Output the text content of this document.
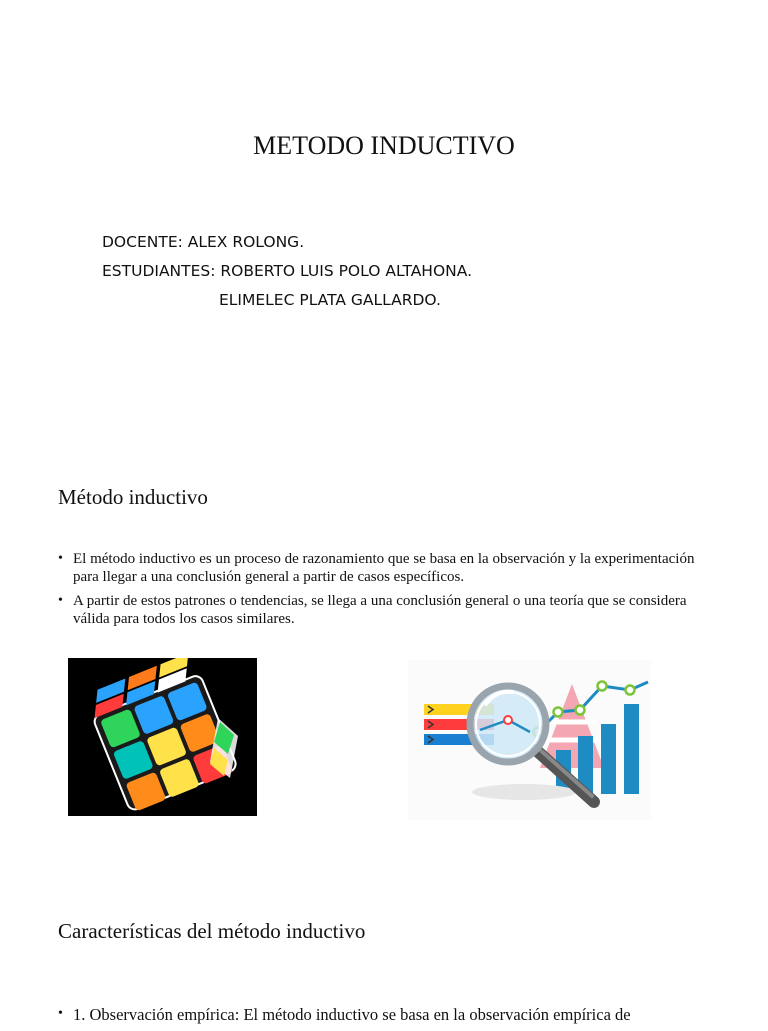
METODO INDUCTIVO
DOCENTE: ALEX ROLONG.
ESTUDIANTES: ROBERTO LUIS POLO ALTAHONA.
ELIMELEC PLATA GALLARDO.
Método inductivo
• El método inductivo es un proceso de razonamiento que se basa en la observación y la experimentación para llegar a una conclusión general a partir de casos específicos.
• A partir de estos patrones o tendencias, se llega a una conclusión general o una teoría que se considera válida para todos los casos similares.
Características del método inductivo
• 1. Observación empírica: El método inductivo se basa en la observación empírica de
